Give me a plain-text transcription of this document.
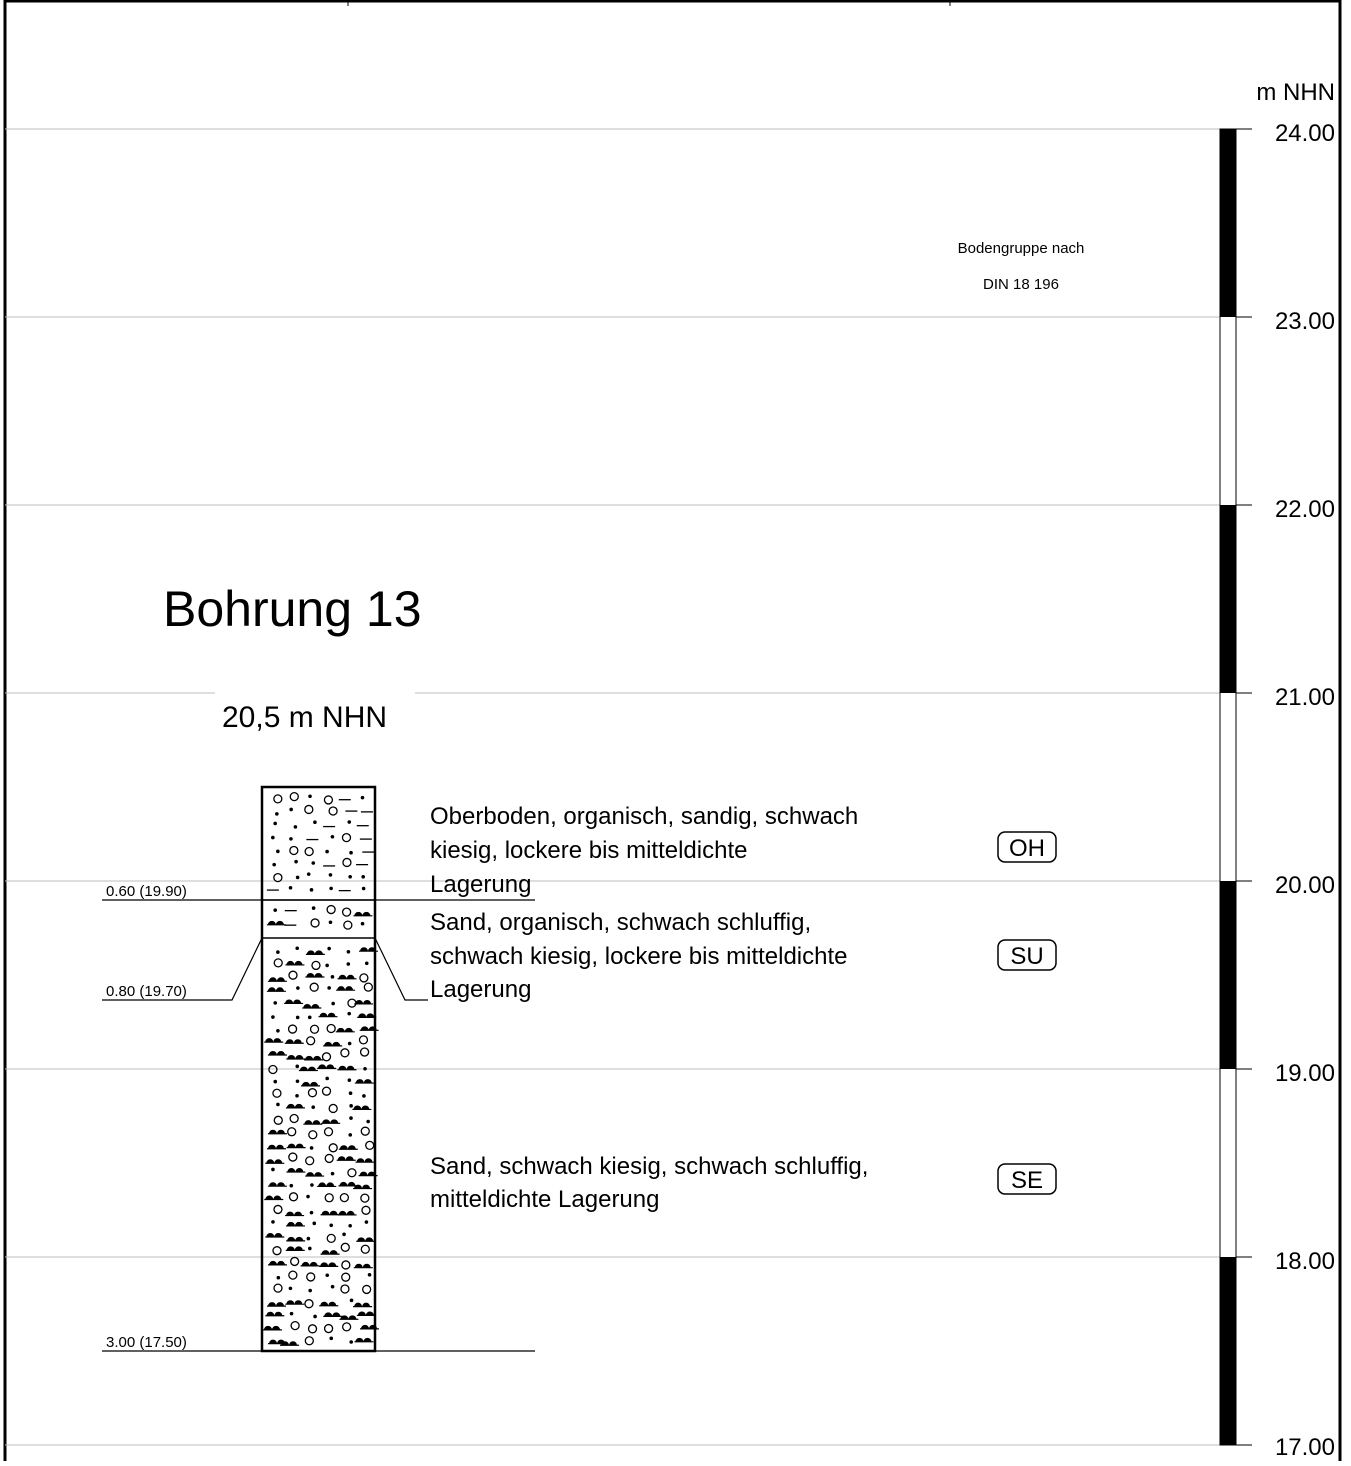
m NHN
24.00
23.00
22.00
21.00
20.00
19.00
18.00
17.00
Bodengruppe nach
DIN 18 196
Bohrung 13
20,5 m NHN
0.60 (19.90)
0.80 (19.70)
3.00 (17.50)
Oberboden, organisch, sandig, schwach
kiesig, lockere bis mitteldichte
Lagerung
Sand, organisch, schwach schluffig,
schwach kiesig, lockere bis mitteldichte
Lagerung
Sand, schwach kiesig, schwach schluffig,
mitteldichte Lagerung
OH
SU
SE
